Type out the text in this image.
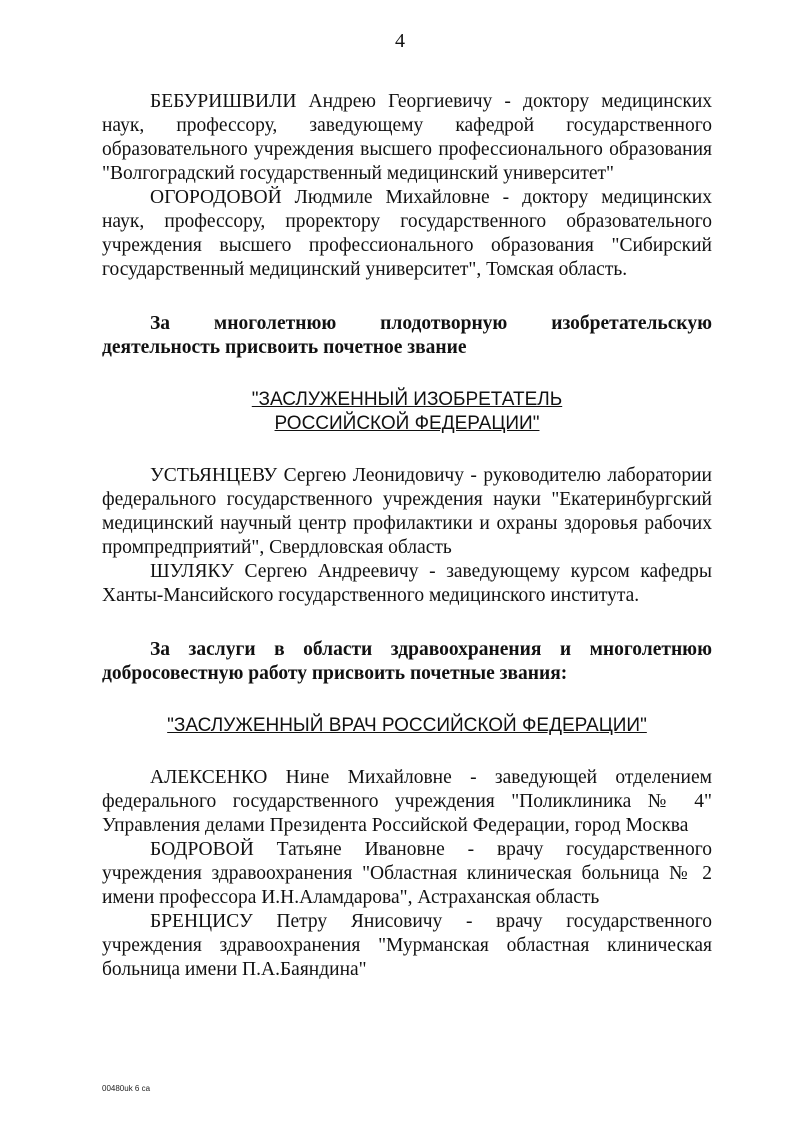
4

БЕБУРИШВИЛИ Андрею Георгиевичу - доктору медицинских наук, профессору, заведующему кафедрой государственного образовательного учреждения высшего профессионального образования "Волгоградский государственный медицинский университет"

ОГОРОДОВОЙ Людмиле Михайловне - доктору медицинских наук, профессору, проректору государственного образовательного учреждения высшего профессионального образования "Сибирский государственный медицинский университет", Томская область.

За многолетнюю плодотворную изобретательскую деятельность присвоить почетное звание

"ЗАСЛУЖЕННЫЙ ИЗОБРЕТАТЕЛЬ
РОССИЙСКОЙ ФЕДЕРАЦИИ"

УСТЬЯНЦЕВУ Сергею Леонидовичу - руководителю лаборатории федерального государственного учреждения науки "Екатеринбургский медицинский научный центр профилактики и охраны здоровья рабочих промпредприятий", Свердловская область

ШУЛЯКУ Сергею Андреевичу - заведующему курсом кафедры Ханты-Мансийского государственного медицинского института.

За заслуги в области здравоохранения и многолетнюю добросовестную работу присвоить почетные звания:

"ЗАСЛУЖЕННЫЙ ВРАЧ РОССИЙСКОЙ ФЕДЕРАЦИИ"

АЛЕКСЕНКО Нине Михайловне - заведующей отделением федерального государственного учреждения "Поликлиника № 4" Управления делами Президента Российской Федерации, город Москва

БОДРОВОЙ Татьяне Ивановне - врачу государственного учреждения здравоохранения "Областная клиническая больница № 2 имени профессора И.Н.Аламдарова", Астраханская область

БРЕНЦИСУ Петру Янисовичу - врачу государственного учреждения здравоохранения "Мурманская областная клиническая больница имени П.А.Баяндина"

00480uk 6 ca
